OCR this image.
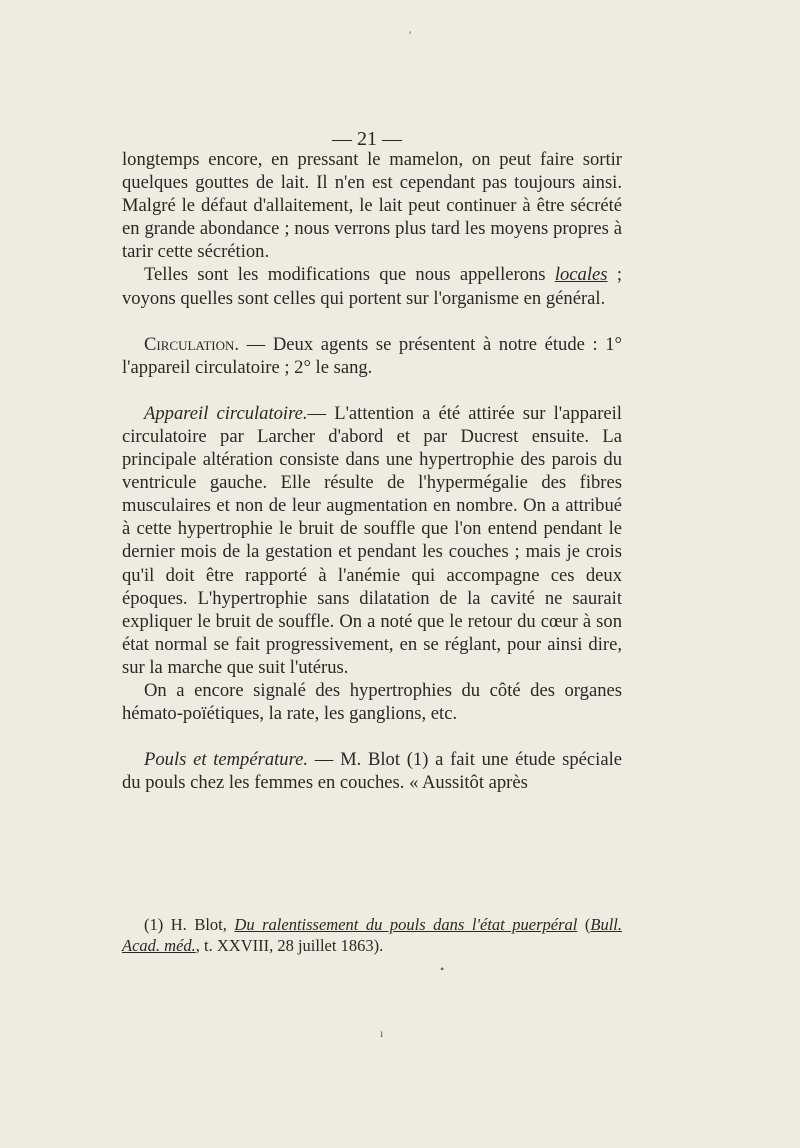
— 21 —

longtemps encore, en pressant le mamelon, on peut faire sortir quelques gouttes de lait. Il n'en est cependant pas toujours ainsi. Malgré le défaut d'allaitement, le lait peut continuer à être sécrété en grande abondance ; nous verrons plus tard les moyens propres à tarir cette sécrétion.

Telles sont les modifications que nous appellerons locales ; voyons quelles sont celles qui portent sur l'organisme en général.

Circulation. — Deux agents se présentent à notre étude : 1° l'appareil circulatoire ; 2° le sang.

Appareil circulatoire.— L'attention a été attirée sur l'appareil circulatoire par Larcher d'abord et par Ducrest ensuite. La principale altération consiste dans une hypertrophie des parois du ventricule gauche. Elle résulte de l'hypermégalie des fibres musculaires et non de leur augmentation en nombre. On a attribué à cette hypertrophie le bruit de souffle que l'on entend pendant le dernier mois de la gestation et pendant les couches ; mais je crois qu'il doit être rapporté à l'anémie qui accompagne ces deux époques. L'hypertrophie sans dilatation de la cavité ne saurait expliquer le bruit de souffle. On a noté que le retour du cœur à son état normal se fait progressivement, en se réglant, pour ainsi dire, sur la marche que suit l'utérus.

On a encore signalé des hypertrophies du côté des organes hémato-poïétiques, la rate, les ganglions, etc.

Pouls et température. — M. Blot (1) a fait une étude spéciale du pouls chez les femmes en couches. « Aussitôt après

(1) H. Blot, Du ralentissement du pouls dans l'état puerpéral (Bull. Acad. méd., t. XXVIII, 28 juillet 1863).

′
•
ı
